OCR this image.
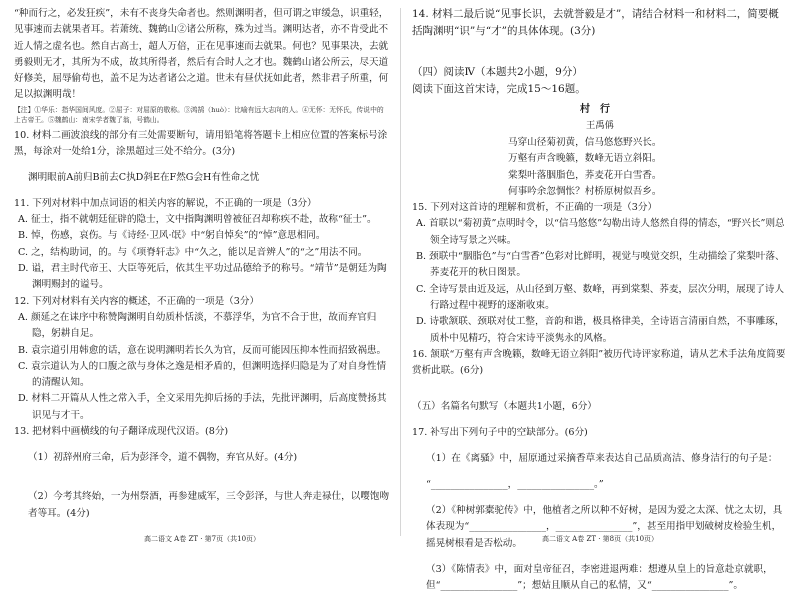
“种而行之，必发狂疾”，未有不丧身失命者也。然则渊明者，但可谓之审缓急，识重轻，见事速而去就果者耳。若萧统、魏鹤山②诸公所称，殊为过当。渊明达者，亦不肯受此不近人情之虚名也。然自古高士，超人万倍，正在见事速而去就果。何也？见事果决，去就勇毅则无才，其所为不成，故其所得者，然后有合时人之才也。魏鹤山诸公所云，尽天道好修美，屈辱偷苟也，盖不足为达者诸公之道。世未有昼伏抚如此者，然非君子所重，何足以拟渊明哉！

【注】①华乐：指华国间风度。②屈子：对屈原的敬称。③鸿鹄（huò）：比喻有远大志向的人。④无怀：无怀氏，传说中的上古帝王。⑤魏鹤山：南宋学者魏了翁，号鹤山。

10. 材料二画波浪线的部分有三处需要断句，请用铅笔将答题卡上相应位置的答案标号涂黑，每涂对一处给1分，涂黑超过三处不给分。(3分)

渊明眼前A前归B前去C执D斜E在F然G会H有性命之忧

11. 下列对材料中加点词语的相关内容的解说，不正确的一项是（3分）

A. 征士，指不就朝廷征辟的隐士，文中指陶渊明曾被征召却称疾不赴，故称“征士”。

B. 悼，伤感，哀伤。与《诗经·卫风·氓》中“躬自悼矣”的“悼”意思相同。

C. 之，结构助词，的。与《项脊轩志》中“久之，能以足音辨人”的“之”用法不同。

D. 谥，君主时代帝王、大臣等死后，依其生平功过品德给予的称号。“靖节”是朝廷为陶渊明赐封的谥号。

12. 下列对材料有关内容的概述，不正确的一项是（3分）

A. 颜延之在诔序中称赞陶渊明自幼质朴恬淡，不慕浮华，为官不合于世，故而弃官归隐，躬耕自足。

B. 袁宗道引用韩愈的话，意在说明渊明若长久为官，反而可能因压抑本性而招致祸患。

C. 袁宗道认为人的口腹之欲与身体之逸是相矛盾的，但渊明选择归隐是为了对自身性情的清醒认知。

D. 材料二开篇从人性之常入手，全文采用先抑后扬的手法，先批评渊明，后高度赞扬其识见与才干。

13. 把材料中画横线的句子翻译成现代汉语。(8分)

（1）初辞州府三命，后为彭泽令，道不偶物，弃官从好。(4分)

（2）今考其终始，一为州祭酒，再参建威军，三令彭泽，与世人奔走禄仕，以嘤饱吻者等耳。(4分)

14. 材料二最后说“见事长识，去就誉毅是才”，请结合材料一和材料二，简要概括陶渊明“识”与“才”的具体体现。(3分)

（四）阅读Ⅳ（本题共2小题，9分）

阅读下面这首宋诗，完成15～16题。

村行
王禹偁
马穿山径菊初黄，信马悠悠野兴长。
万壑有声含晚籁，数峰无语立斜阳。
棠梨叶落胭脂色，荞麦花开白雪香。
何事吟余忽惆怅？村桥原树似吾乡。

15. 下列对这首诗的理解和赏析，不正确的一项是（3分）

A. 首联以“菊初黄”点明时令，以“信马悠悠”勾勒出诗人悠然自得的情态，“野兴长”则总领全诗写景之兴味。

B. 颈联中“胭脂色”与“白雪香”色彩对比鲜明，视觉与嗅觉交织，生动描绘了棠梨叶落、荞麦花开的秋日图景。

C. 全诗写景由近及远，从山径到万壑、数峰，再到棠梨、荞麦，层次分明，展现了诗人行路过程中视野的逐渐收束。

D. 诗歌颔联、颈联对仗工整，音韵和谐，极具格律美，全诗语言清丽自然，不事雕琢，质朴中见精巧，符合宋诗平淡隽永的风格。

16. 颔联“万壑有声含晚籁，数峰无语立斜阳”被历代诗评家称道，请从艺术手法角度简要赏析此联。(6分)

（五）名篇名句默写（本题共1小题，6分）

17. 补写出下列句子中的空缺部分。(6分)

（1）在《离骚》中，屈原通过采摘香草来表达自己品质高洁、修身洁行的句子是：

“________________，________________。”

（2）《种树郭橐驼传》中，他植者之所以种不好树，是因为爱之太深、忧之太切，具体表现为“________________，________________”，甚至用指甲划破树皮检验生机，摇晃树根看是否松动。

（3）《陈情表》中，面对皇帝征召，李密进退两难：想遵从皇上的旨意赴京就职，但“________________”；想姑且顺从自己的私情，又“________________”。

高二语文 A卷 ZT · 第7页（共10页）	高二语文 A卷 ZT · 第8页（共10页）
